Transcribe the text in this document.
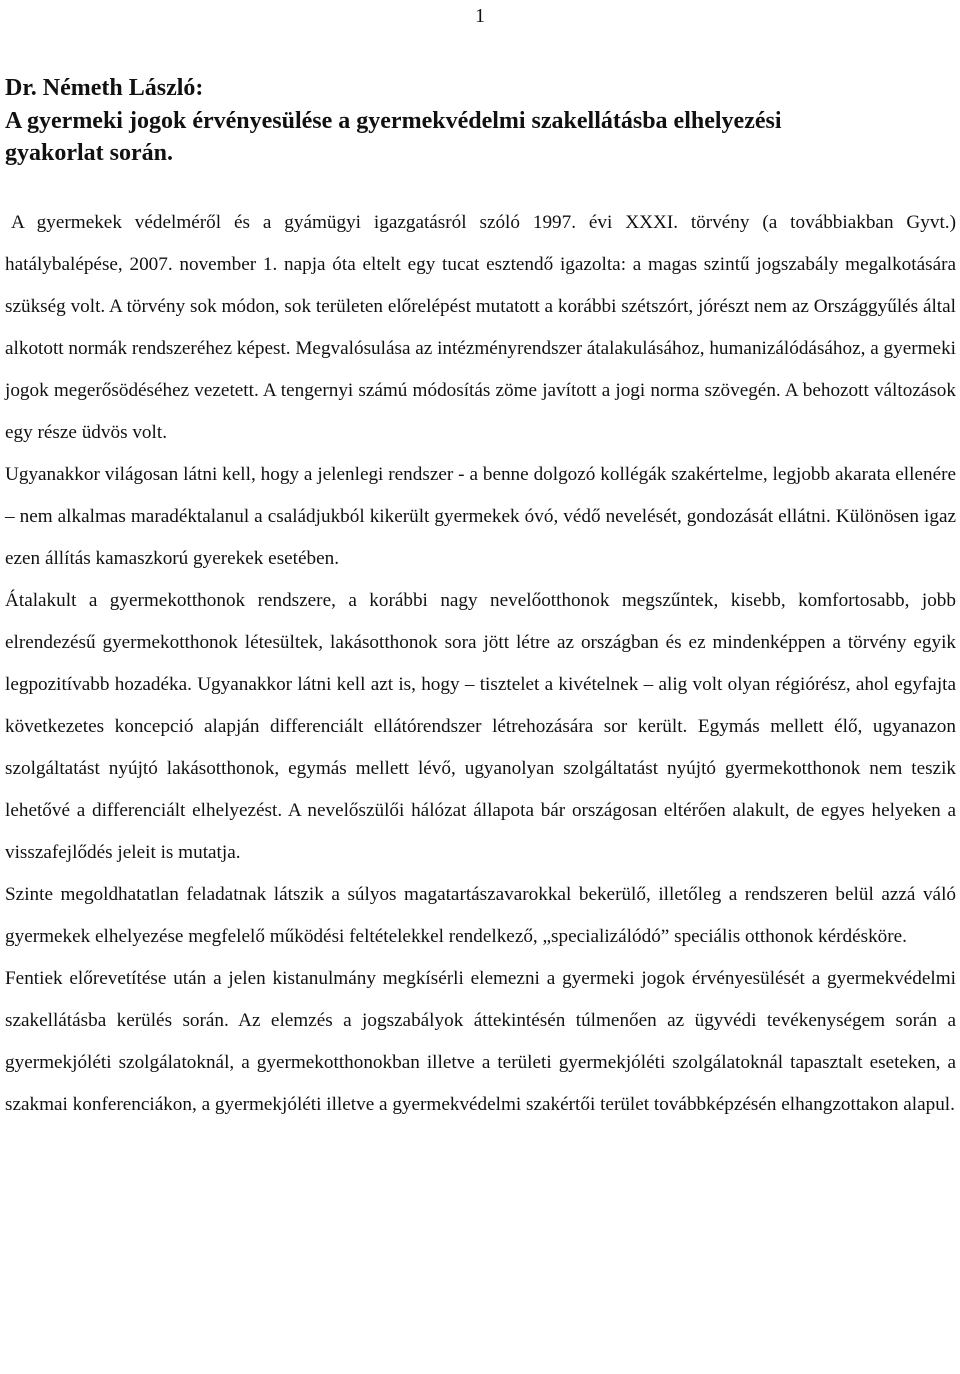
1
Dr. Németh László:
A gyermeki jogok érvényesülése a gyermekvédelmi szakellátásba elhelyezési
gyakorlat során.

A gyermekek védelméről és a gyámügyi igazgatásról szóló 1997. évi XXXI. törvény (a továbbiakban Gyvt.) hatálybalépése, 2007. november 1. napja óta eltelt egy tucat esztendő igazolta: a magas szintű jogszabály megalkotására szükség volt. A törvény sok módon, sok területen előrelépést mutatott a korábbi szétszórt, jórészt nem az Országgyűlés által alkotott normák rendszeréhez képest. Megvalósulása az intézményrendszer átalakulásához, humanizálódásához, a gyermeki jogok megerősödéséhez vezetett. A tengernyi számú módosítás zöme javított a jogi norma szövegén. A behozott változások egy része üdvös volt.

Ugyanakkor világosan látni kell, hogy a jelenlegi rendszer - a benne dolgozó kollégák szakértelme, legjobb akarata ellenére – nem alkalmas maradéktalanul a családjukból kikerült gyermekek óvó, védő nevelését, gondozását ellátni. Különösen igaz ezen állítás kamaszkorú gyerekek esetében.

Átalakult a gyermekotthonok rendszere, a korábbi nagy nevelőotthonok megszűntek, kisebb, komfortosabb, jobb elrendezésű gyermekotthonok létesültek, lakásotthonok sora jött létre az országban és ez mindenképpen a törvény egyik legpozitívabb hozadéka. Ugyanakkor látni kell azt is, hogy – tisztelet a kivételnek – alig volt olyan régiórész, ahol egyfajta következetes koncepció alapján differenciált ellátórendszer létrehozására sor került. Egymás mellett élő, ugyanazon szolgáltatást nyújtó lakásotthonok, egymás mellett lévő, ugyanolyan szolgáltatást nyújtó gyermekotthonok nem teszik lehetővé a differenciált elhelyezést. A nevelőszülői hálózat állapota bár országosan eltérően alakult, de egyes helyeken a visszafejlődés jeleit is mutatja.

Szinte megoldhatatlan feladatnak látszik a súlyos magatartászavarokkal bekerülő, illetőleg a rendszeren belül azzá váló gyermekek elhelyezése megfelelő működési feltételekkel rendelkező, „specializálódó” speciális otthonok kérdésköre.

Fentiek előrevetítése után a jelen kistanulmány megkísérli elemezni a gyermeki jogok érvényesülését a gyermekvédelmi szakellátásba kerülés során. Az elemzés a jogszabályok áttekintésén túlmenően az ügyvédi tevékenységem során a gyermekjóléti szolgálatoknál, a gyermekotthonokban illetve a területi gyermekjóléti szolgálatoknál tapasztalt eseteken, a szakmai konferenciákon, a gyermekjóléti illetve a gyermekvédelmi szakértői terület továbbképzésén elhangzottakon alapul.
